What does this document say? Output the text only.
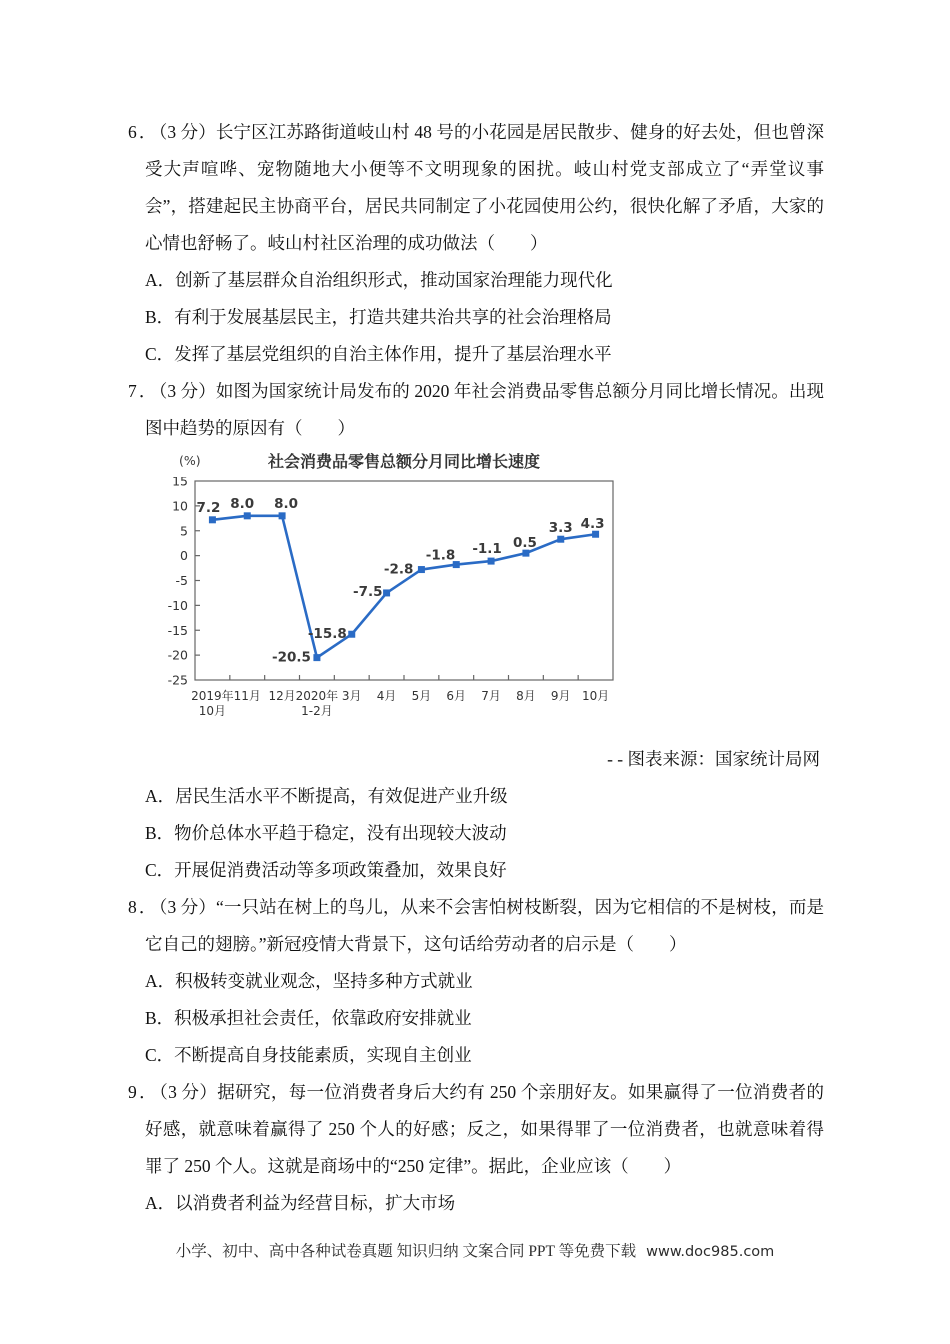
6．（3 分）长宁区江苏路街道岐山村 48 号的小花园是居民散步、健身的好去处，但也曾深受大声喧哗、宠物随地大小便等不文明现象的困扰。岐山村党支部成立了“弄堂议事会”，搭建起民主协商平台，居民共同制定了小花园使用公约，很快化解了矛盾，大家的心情也舒畅了。岐山村社区治理的成功做法（　　）

A．创新了基层群众自治组织形式，推动国家治理能力现代化

B．有利于发展基层民主，打造共建共治共享的社会治理格局

C．发挥了基层党组织的自治主体作用，提升了基层治理水平

7．（3 分）如图为国家统计局发布的 2020 年社会消费品零售总额分月同比增长情况。出现图中趋势的原因有（　　）

(%)	社会消费品零售总额分月同比增长速度
15
10
5
0
-5
-10
-15
-20
-25
2019年 10月
11月 12月 2020年 1-2月
3月 4月 5月 6月 7月 8月 9月 10月
7.2 8.0 8.0
-20.5
-15.8
-7.5
-2.8
-1.8 -1.1 0.5
3.3 4.3

- - 图表来源：国家统计局网

A．居民生活水平不断提高，有效促进产业升级

B．物价总体水平趋于稳定，没有出现较大波动

C．开展促消费活动等多项政策叠加，效果良好

8．（3 分）“一只站在树上的鸟儿，从来不会害怕树枝断裂，因为它相信的不是树枝，而是它自己的翅膀。”新冠疫情大背景下，这句话给劳动者的启示是（　　）

A．积极转变就业观念，坚持多种方式就业

B．积极承担社会责任，依靠政府安排就业

C．不断提高自身技能素质，实现自主创业

9．（3 分）据研究，每一位消费者身后大约有 250 个亲朋好友。如果赢得了一位消费者的好感，就意味着赢得了 250 个人的好感；反之，如果得罪了一位消费者，也就意味着得罪了 250 个人。这就是商场中的“250 定律”。据此，企业应该（　　）

A．以消费者利益为经营目标，扩大市场

小学、初中、高中各种试卷真题 知识归纳 文案合同 PPT 等免费下载 www.doc985.com
